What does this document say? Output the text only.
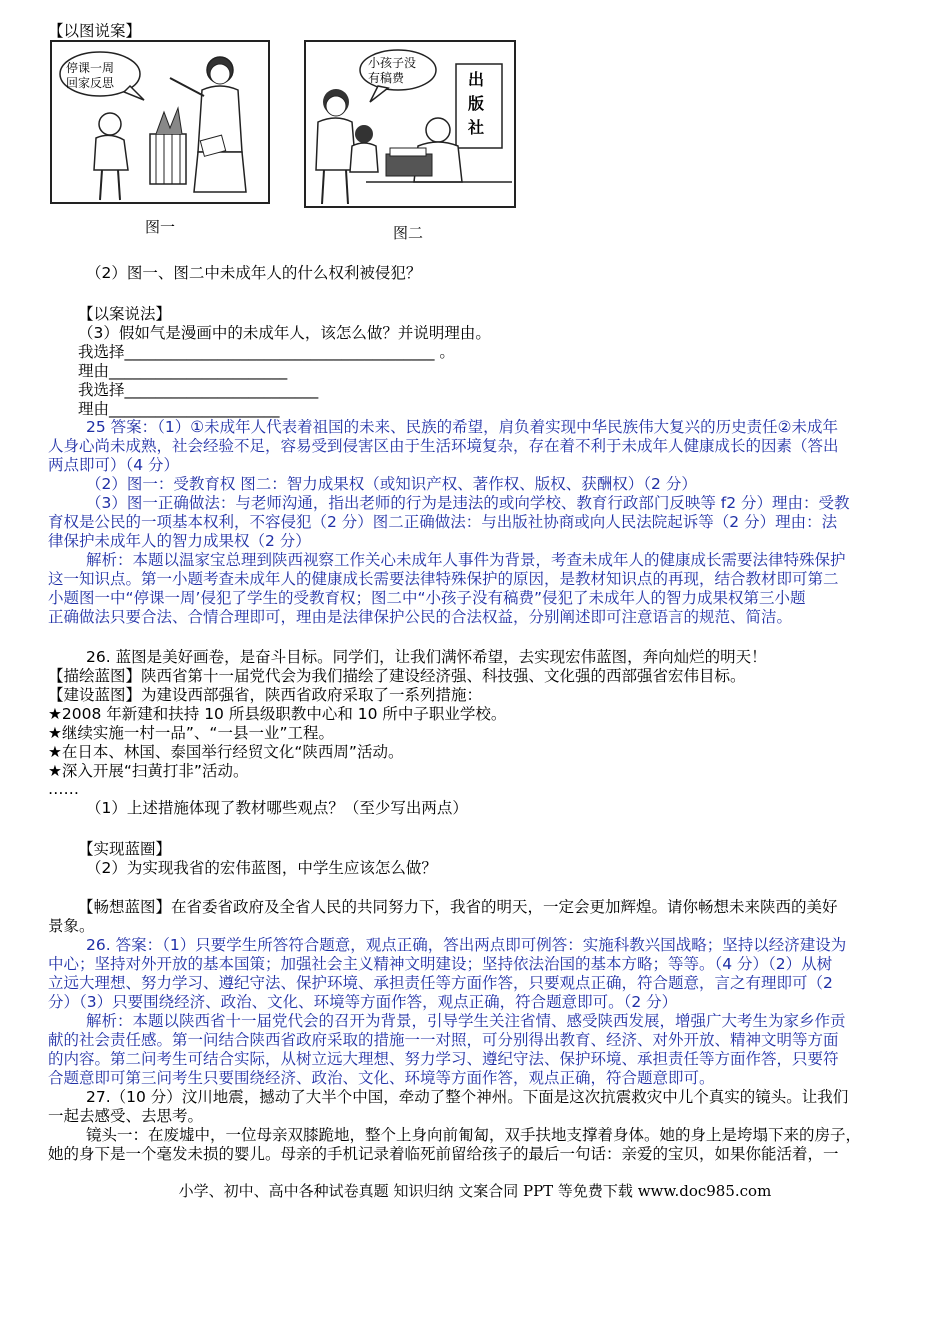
【以图说案】
停课一周
回家反思
图一
小孩子没
有稿费	出
版
社
图二
（2）图一、图二中未成年人的什么权利被侵犯？
【以案说法】
（3）假如气是漫画中的未成年人，该怎么做？并说明理由。
我选择________________________________________ 。
理由_______________________
我选择_________________________
理由______________________
25 答案：（1）①未成年人代表着祖国的未来、民族的希望，肩负着实现中华民族伟大复兴的历史责任②未成年
人身心尚未成熟，社会经验不足，容易受到侵害区由于生活环境复杂，存在着不利于未成年人健康成长的因素（答出
两点即可）（4 分）
（2）图一：受教育权 图二：智力成果权（或知识产权、著作权、版权、获酬权）（2 分）
（3）图一正确做法：与老师沟通，指出老师的行为是违法的或向学校、教育行政部门反映等 f2 分）理由：受教
育权是公民的一项基本权利，不容侵犯（2 分）图二正确做法：与出版社协商或向人民法院起诉等（2 分）理由：法
律保护未成年人的智力成果权（2 分）
解析：本题以温家宝总理到陕西视察工作关心未成年人事件为背景，考查未成年人的健康成长需要法律特殊保护
这一知识点。第一小题考查未成年人的健康成长需要法律特殊保护的原因，是教材知识点的再现，结合教材即可第二
小题图一中“停课一周’侵犯了学生的受教育权；图二中“小孩子没有稿费”侵犯了未成年人的智力成果权第三小题
正确做法只要合法、合情合理即可，理由是法律保护公民的合法权益，分别阐述即可注意语言的规范、简洁。
26. 蓝图是美好画卷，是奋斗目标。同学们，让我们满怀希望，去实现宏伟蓝图，奔向灿烂的明天！
【描绘蓝图】陕西省第十一届党代会为我们描绘了建设经济强、科技强、文化强的西部强省宏伟目标。
【建设蓝图】为建设西部强省，陕西省政府采取了一系列措施：
★2008 年新建和扶持 10 所县级职教中心和 10 所中子职业学校。
★继续实施一村一品”、“一县一业”工程。
★在日本、林国、泰国举行经贸文化“陕西周”活动。
★深入开展“扫黄打非”活动。
……
（1）上述措施体现了教材哪些观点？（至少写出两点）
【实现蓝圈】
（2）为实现我省的宏伟蓝图，中学生应该怎么做？
【畅想蓝图】在省委省政府及全省人民的共同努力下，我省的明天，一定会更加辉煌。请你畅想未来陕西的美好
景象。
26. 答案：（1）只要学生所答符合题意，观点正确，答出两点即可例答：实施科教兴国战略；坚持以经济建设为
中心；坚持对外开放的基本国策；加强社会主义精神文明建设；坚持依法治国的基本方略；等等。（4 分）（2）从树
立远大理想、努力学习、遵纪守法、保护环境、承担责任等方面作答，只要观点正确，符合题意，言之有理即可（2
分）（3）只要围绕经济、政治、文化、环境等方面作答，观点正确，符合题意即可。（2 分）
解析：本题以陕西省十一届党代会的召开为背景，引导学生关注省情、感受陕西发展，增强广大考生为家乡作贡
献的社会责任感。第一问结合陕西省政府采取的措施一一对照，可分别得出教育、经济、对外开放、精神文明等方面
的内容。第二问考生可结合实际，从树立远大理想、努力学习、遵纪守法、保护环境、承担责任等方面作答，只要符
合题意即可第三问考生只要围绕经济、政治、文化、环境等方面作答，观点正确，符合题意即可。
27.（10 分）汶川地震，撼动了大半个中国，牵动了整个神州。下面是这次抗震救灾中儿个真实的镜头。让我们
一起去感受、去思考。
镜头一：在废墟中，一位母亲双膝跪地，整个上身向前匍匐，双手扶地支撑着身体。她的身上是垮塌下来的房子，
她的身下是一个毫发未损的婴儿。母亲的手机记录着临死前留给孩子的最后一句话：亲爱的宝贝，如果你能活着，一
小学、初中、高中各种试卷真题 知识归纳 文案合同 PPT 等免费下载 www.doc985.com
